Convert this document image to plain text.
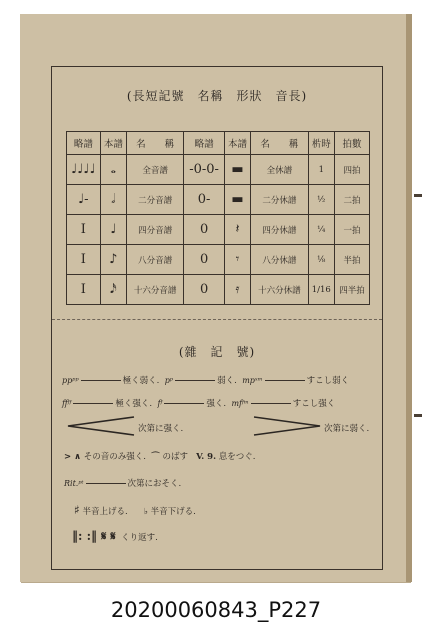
(長短記號　名稱　形狀　音長)
略譜	本譜	名　　稱	略譜	本譜	名　　稱	㭊時	拍數
♩♩♩♩	𝅝	全音譜	-0-0-	▬	全休譜	1	四拍
♩-	𝅗𝅥	二分音譜	0-	▬	二分休譜	½	二拍
I	♩	四分音譜	0	𝄽	四分休譜	¼	一拍
I	♪	八分音譜	0	𝄾	八分休譜	⅛	半拍
I	𝅘𝅥𝅯	十六分音譜	0	𝄿	十六分休譜	1/16	四半拍
(雜　記　號)
ppᵖᵖ	極く弱く. pᵖ	弱く. mpˣᵐ	すこし弱く
ffᶠᶠ	極く强く. fᶠ	强く. mfᶠᵐ	すこし强く
次第に强く.	次第に弱く.
> ∧ その音のみ强く. ⌒ のばす V. 9. 息をつぐ.
Rit.ᵖᵗ	次第におそく.
♯ 半音上げる. ♭ 半音下げる.
‖: :‖ 𝄋 𝄋 くり返す.
20200060843_P227
